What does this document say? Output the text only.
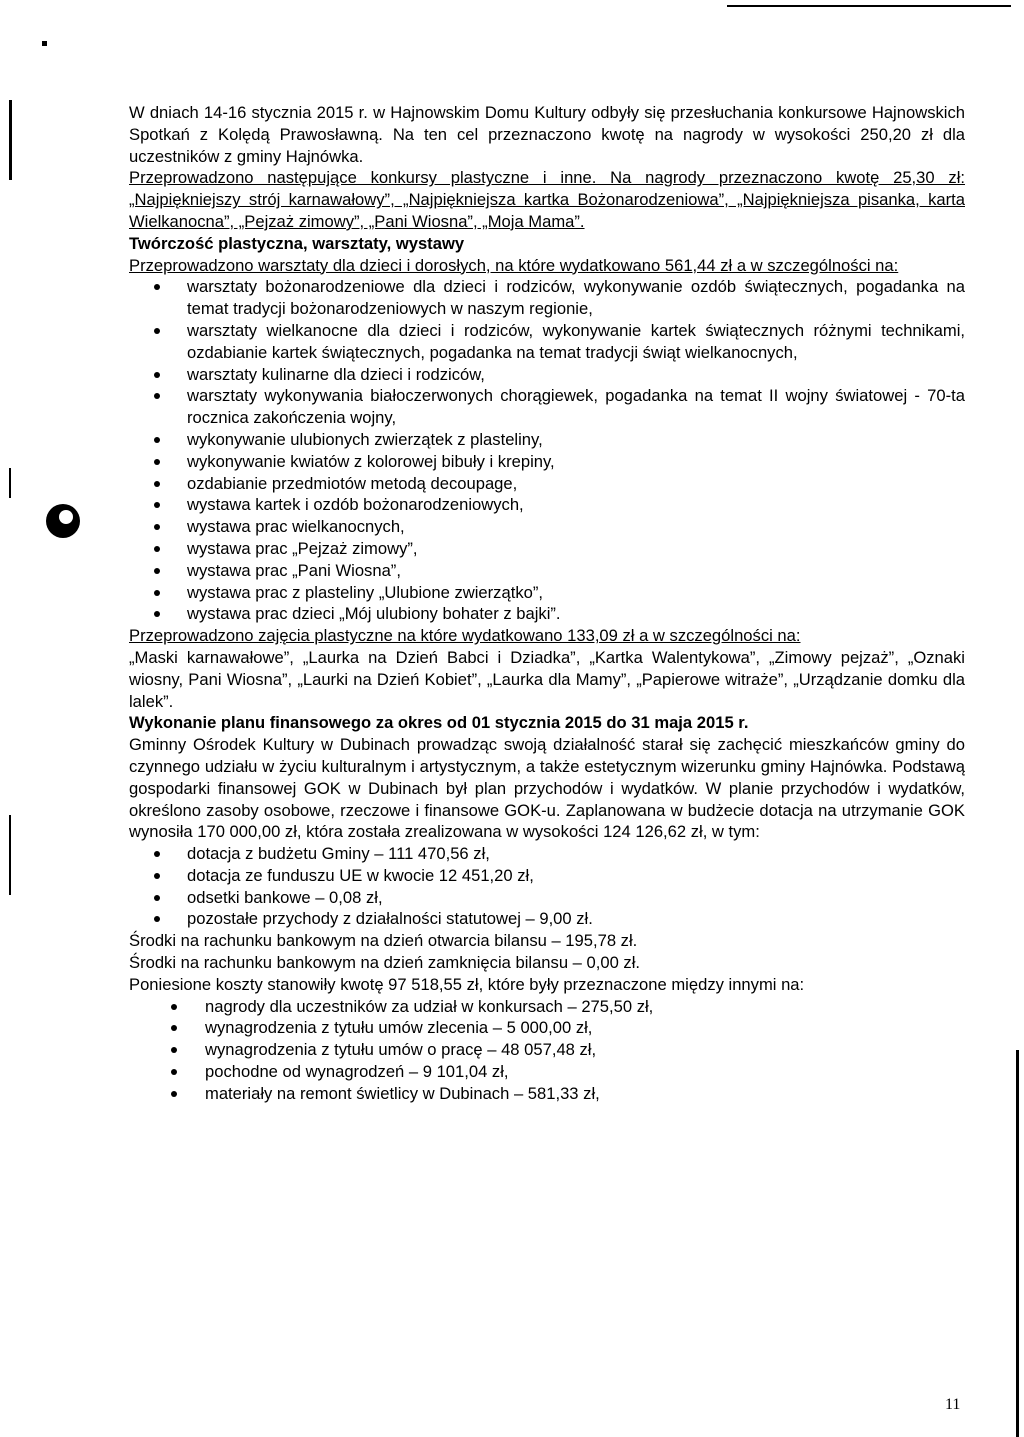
W dniach 14-16 stycznia 2015 r. w Hajnowskim Domu Kultury odbyły się przesłuchania konkursowe Hajnowskich Spotkań z Kolędą Prawosławną. Na ten cel przeznaczono kwotę na nagrody w wysokości 250,20 zł dla uczestników z gminy Hajnówka.

Przeprowadzono następujące konkursy plastyczne i inne. Na nagrody przeznaczono kwotę 25,30 zł: „Najpiękniejszy strój karnawałowy”, „Najpiękniejsza kartka Bożonarodzeniowa”, „Najpiękniejsza pisanka, karta Wielkanocna”, „Pejzaż zimowy”, „Pani Wiosna”, „Moja Mama”.

Twórczość plastyczna, warsztaty, wystawy

Przeprowadzono warsztaty dla dzieci i dorosłych, na które wydatkowano 561,44 zł a w szczególności na:

warsztaty bożonarodzeniowe dla dzieci i rodziców, wykonywanie ozdób świątecznych, pogadanka na temat tradycji bożonarodzeniowych w naszym regionie,
warsztaty wielkanocne dla dzieci i rodziców, wykonywanie kartek świątecznych różnymi technikami, ozdabianie kartek świątecznych, pogadanka na temat tradycji świąt wielkanocnych,
warsztaty kulinarne dla dzieci i rodziców,
warsztaty wykonywania białoczerwonych chorągiewek, pogadanka na temat II wojny światowej - 70-ta rocznica zakończenia wojny,
wykonywanie ulubionych zwierzątek z plasteliny,
wykonywanie kwiatów z kolorowej bibuły i krepiny,
ozdabianie przedmiotów metodą decoupage,
wystawa kartek i ozdób bożonarodzeniowych,
wystawa prac wielkanocnych,
wystawa prac „Pejzaż zimowy”,
wystawa prac „Pani Wiosna”,
wystawa prac z plasteliny „Ulubione zwierzątko”,
wystawa prac dzieci „Mój ulubiony bohater z bajki”.

Przeprowadzono zajęcia plastyczne na które wydatkowano 133,09 zł a w szczególności na:

„Maski karnawałowe”, „Laurka na Dzień Babci i Dziadka”, „Kartka Walentykowa”, „Zimowy pejzaż”, „Oznaki wiosny, Pani Wiosna”, „Laurki na Dzień Kobiet”, „Laurka dla Mamy”, „Papierowe witraże”, „Urządzanie domku dla lalek”.

Wykonanie planu finansowego za okres od 01 stycznia 2015 do 31 maja 2015 r.

Gminny Ośrodek Kultury w Dubinach prowadząc swoją działalność starał się zachęcić mieszkańców gminy do czynnego udziału w życiu kulturalnym i artystycznym, a także estetycznym wizerunku gminy Hajnówka. Podstawą gospodarki finansowej GOK w Dubinach był plan przychodów i wydatków. W planie przychodów i wydatków, określono zasoby osobowe, rzeczowe i finansowe GOK-u. Zaplanowana w budżecie dotacja na utrzymanie GOK wynosiła 170 000,00 zł, która została zrealizowana w wysokości 124 126,62 zł, w tym:

dotacja z budżetu Gminy – 111 470,56 zł,
dotacja ze funduszu UE w kwocie 12 451,20 zł,
odsetki bankowe – 0,08 zł,
pozostałe przychody z działalności statutowej – 9,00 zł.

Środki na rachunku bankowym na dzień otwarcia bilansu – 195,78 zł.

Środki na rachunku bankowym na dzień zamknięcia bilansu – 0,00 zł.

Poniesione koszty stanowiły kwotę 97 518,55 zł, które były przeznaczone między innymi na:

nagrody dla uczestników za udział w konkursach – 275,50 zł,
wynagrodzenia z tytułu umów zlecenia – 5 000,00 zł,
wynagrodzenia z tytułu umów o pracę – 48 057,48 zł,
pochodne od wynagrodzeń – 9 101,04 zł,
materiały na remont świetlicy w Dubinach – 581,33 zł,
11
